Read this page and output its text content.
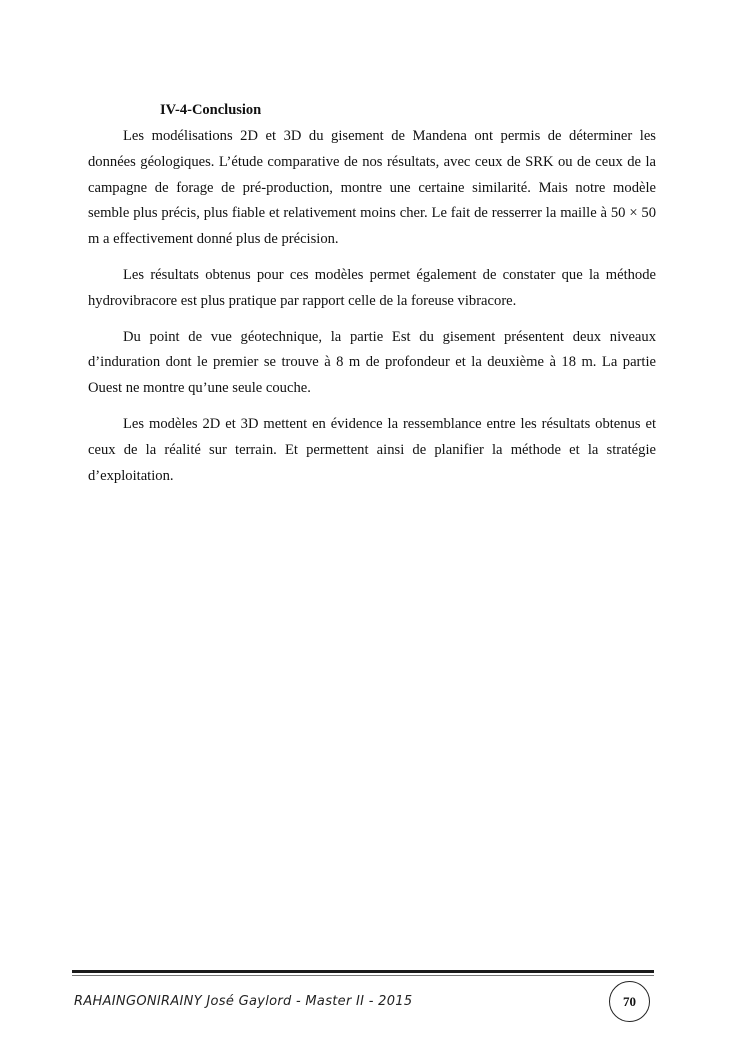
IV-4-Conclusion

Les modélisations 2D et 3D du gisement de Mandena ont permis de déterminer les données géologiques. L’étude comparative de nos résultats, avec ceux de SRK ou de ceux de la campagne de forage de pré-production, montre une certaine similarité. Mais notre modèle semble plus précis, plus fiable et relativement moins cher. Le fait de resserrer la maille à 50 × 50 m a effectivement donné plus de précision.

Les résultats obtenus pour ces modèles permet également de constater que la méthode hydrovibracore est plus pratique par rapport celle de la foreuse vibracore.

Du point de vue géotechnique, la partie Est du gisement présentent deux niveaux d’induration dont le premier se trouve à 8 m de profondeur et la deuxième à 18 m. La partie Ouest ne montre qu’une seule couche.

Les modèles 2D et 3D mettent en évidence la ressemblance entre les résultats obtenus et ceux de la réalité sur terrain. Et permettent ainsi de planifier la méthode et la stratégie d’exploitation.

RAHAINGONIRAINY José Gaylord - Master II - 2015	70
